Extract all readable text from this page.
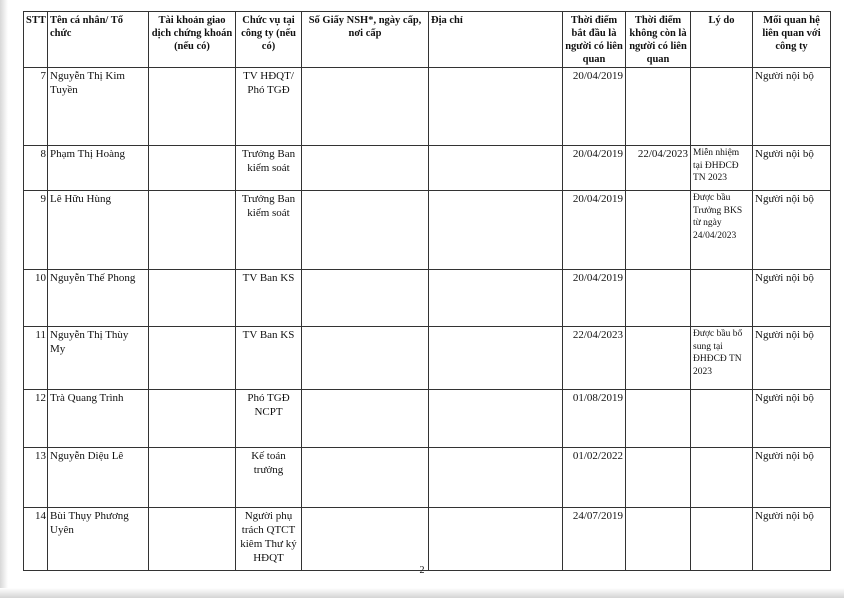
STT	Tên cá nhân/ Tổ chức	Tài khoản giao dịch chứng khoán (nếu có)	Chức vụ tại công ty (nếu có)	Số Giấy NSH*, ngày cấp, nơi cấp	Địa chỉ	Thời điểm bắt đầu là người có liên quan	Thời điểm không còn là người có liên quan	Lý do	Mối quan hệ liên quan với công ty
7	Nguyễn Thị Kim Tuyền		TV HĐQT/ Phó TGĐ			20/04/2019			Người nội bộ
8	Phạm Thị Hoàng		Trưởng Ban kiểm soát			20/04/2019	22/04/2023	Miễn nhiệm tại ĐHĐCĐ TN 2023	Người nội bộ
9	Lê Hữu Hùng		Trưởng Ban kiểm soát			20/04/2019		Được bầu Trưởng BKS từ ngày 24/04/2023	Người nội bộ
10	Nguyễn Thế Phong		TV Ban KS			20/04/2019			Người nội bộ
11	Nguyễn Thị Thùy My		TV Ban KS			22/04/2023		Được bầu bổ sung tại ĐHĐCĐ TN 2023	Người nội bộ
12	Trà Quang Trình		Phó TGĐ NCPT			01/08/2019			Người nội bộ
13	Nguyễn Diệu Lê		Kế toán trưởng			01/02/2022			Người nội bộ
14	Bùi Thụy Phương Uyên		Người phụ trách QTCT kiêm Thư ký HĐQT			24/07/2019			Người nội bộ
2
